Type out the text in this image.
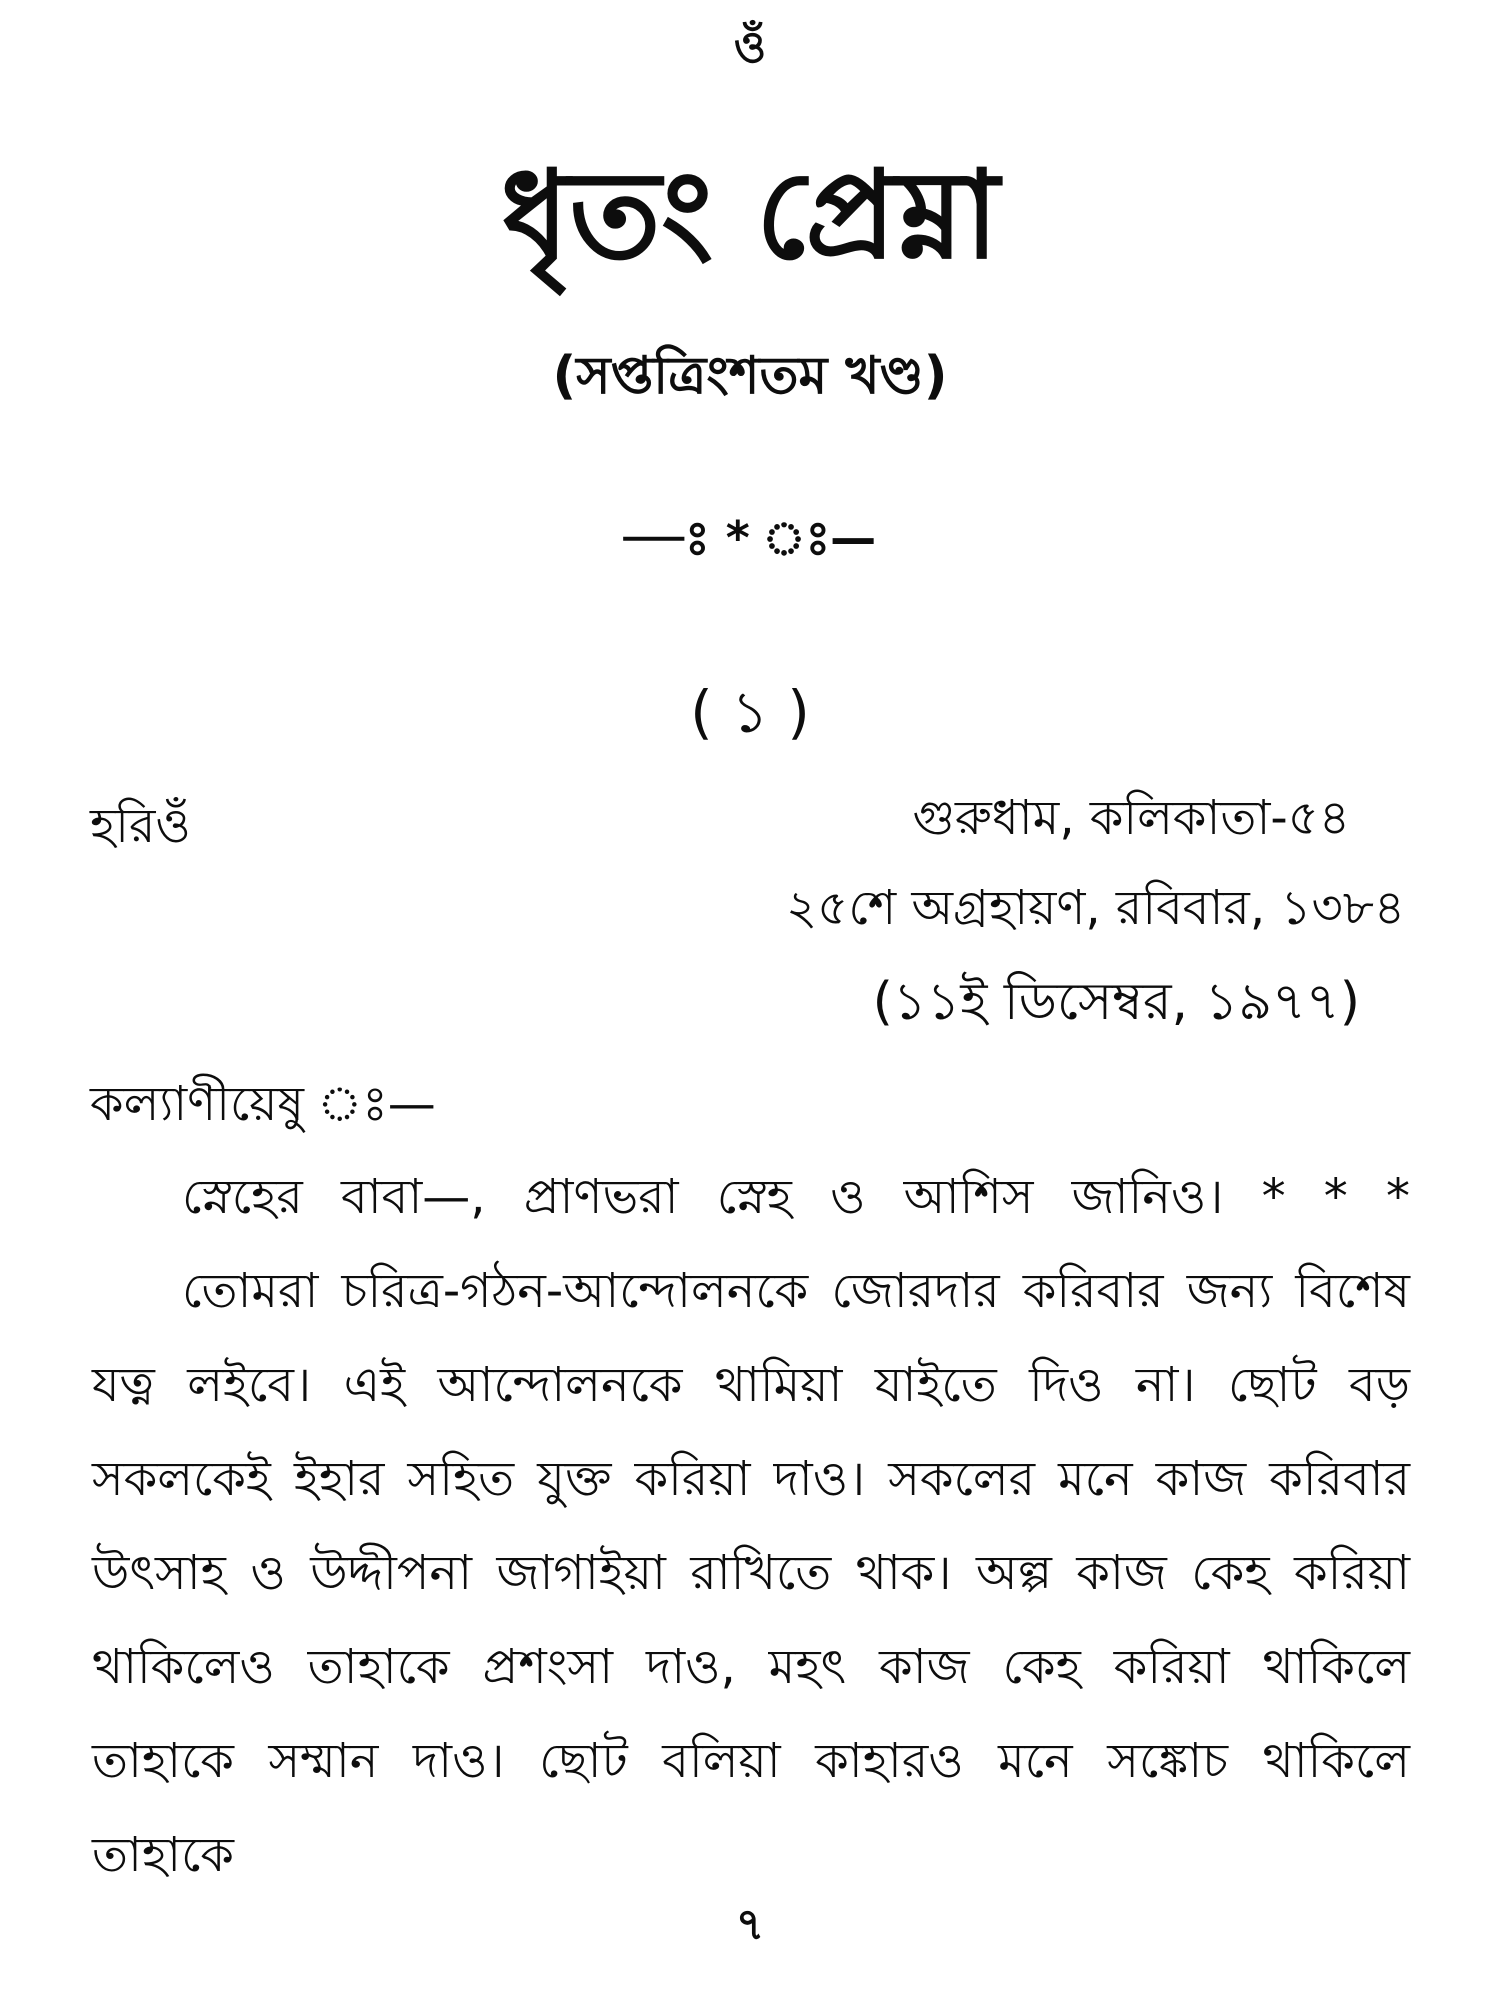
ওঁ
ধৃতং প্রেম্না
(সপ্তত্রিংশতম খণ্ড)
—ঃ * ঃ—
( ১ )
হরিওঁ	গুরুধাম, কলিকাতা-৫৪
২৫শে অগ্রহায়ণ, রবিবার, ১৩৮৪
(১১ই ডিসেম্বর, ১৯৭৭)
কল্যাণীয়েষু ঃ—

স্নেহের বাবা—, প্রাণভরা স্নেহ ও আশিস জানিও। * * *

তোমরা চরিত্র-গঠন-আন্দোলনকে জোরদার করিবার জন্য বিশেষ যত্ন লইবে। এই আন্দোলনকে থামিয়া যাইতে দিও না। ছোট বড় সকলকেই ইহার সহিত যুক্ত করিয়া দাও। সকলের মনে কাজ করিবার উৎসাহ ও উদ্দীপনা জাগাইয়া রাখিতে থাক। অল্প কাজ কেহ করিয়া থাকিলেও তাহাকে প্রশংসা দাও, মহৎ কাজ কেহ করিয়া থাকিলে তাহাকে সম্মান দাও। ছোট বলিয়া কাহারও মনে সঙ্কোচ থাকিলে তাহাকে

৭
